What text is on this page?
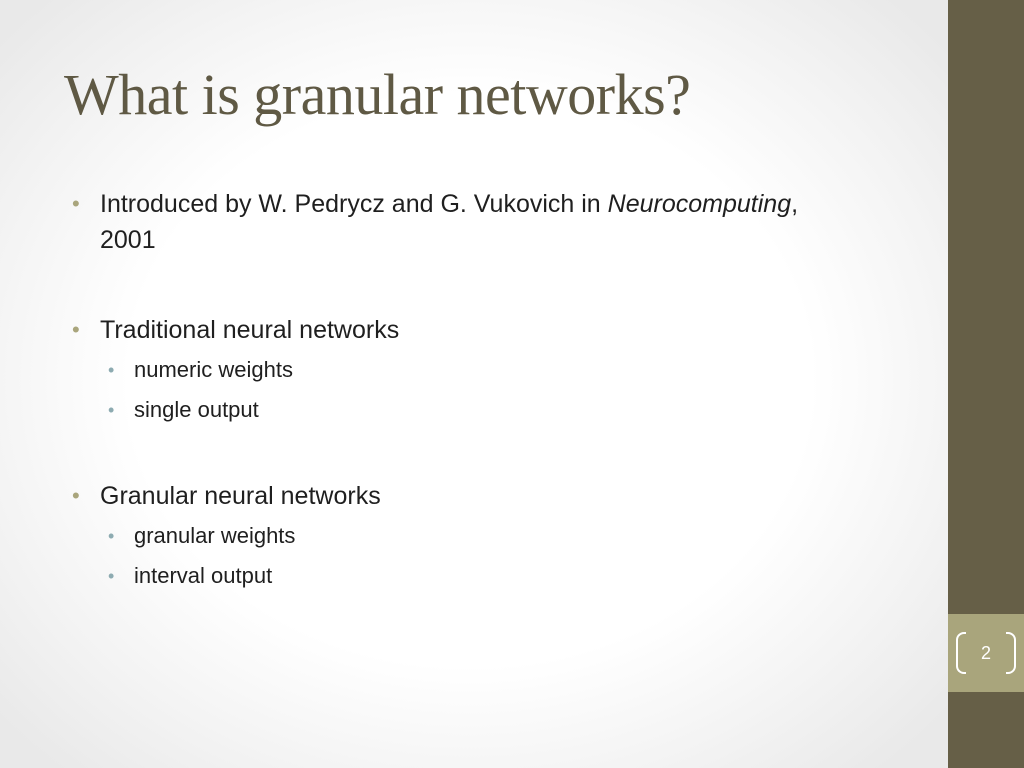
2
What is granular networks?
• Introduced by W. Pedrycz and G. Vukovich in Neurocomputing,
2001
• Traditional neural networks
• numeric weights
• single output
• Granular neural networks
• granular weights
• interval output
